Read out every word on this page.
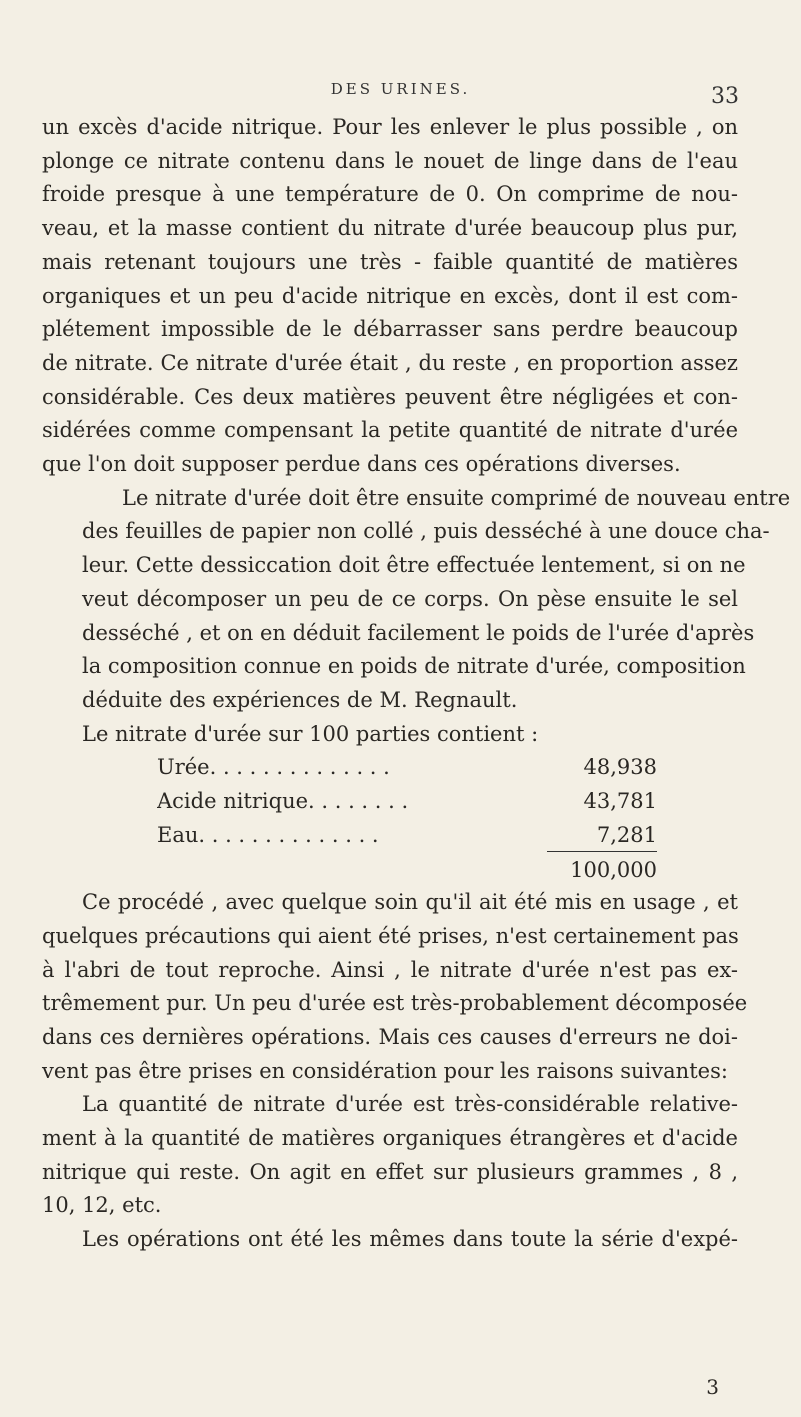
DES URINES.	33

un excès d'acide nitrique. Pour les enlever le plus possible , on
plonge ce nitrate contenu dans le nouet de linge dans de l'eau
froide presque à une température de 0. On comprime de nou-
veau, et la masse contient du nitrate d'urée beaucoup plus pur,
mais retenant toujours une très - faible quantité de matières
organiques et un peu d'acide nitrique en excès, dont il est com-
plétement impossible de le débarrasser sans perdre beaucoup
de nitrate. Ce nitrate d'urée était , du reste , en proportion assez
considérable. Ces deux matières peuvent être négligées et con-
sidérées comme compensant la petite quantité de nitrate d'urée
que l'on doit supposer perdue dans ces opérations diverses.

Le nitrate d'urée doit être ensuite comprimé de nouveau entre
des feuilles de papier non collé , puis desséché à une douce cha-
leur. Cette dessiccation doit être effectuée lentement, si on ne
veut décomposer un peu de ce corps. On pèse ensuite le sel
desséché , et on en déduit facilement le poids de l'urée d'après
la composition connue en poids de nitrate d'urée, composition
déduite des expériences de M. Regnault.

Le nitrate d'urée sur 100 parties contient :

Urée. . . . . . . . . . . . . .	48,938
Acide nitrique. . . . . . . .	43,781
Eau. . . . . . . . . . . . . .	7,281
100,000

Ce procédé , avec quelque soin qu'il ait été mis en usage , et
quelques précautions qui aient été prises, n'est certainement pas
à l'abri de tout reproche. Ainsi , le nitrate d'urée n'est pas ex-
trêmement pur. Un peu d'urée est très-probablement décomposée
dans ces dernières opérations. Mais ces causes d'erreurs ne doi-
vent pas être prises en considération pour les raisons suivantes:

La quantité de nitrate d'urée est très-considérable relative-
ment à la quantité de matières organiques étrangères et d'acide
nitrique qui reste. On agit en effet sur plusieurs grammes , 8 ,
10, 12, etc.

Les opérations ont été les mêmes dans toute la série d'expé-

3
